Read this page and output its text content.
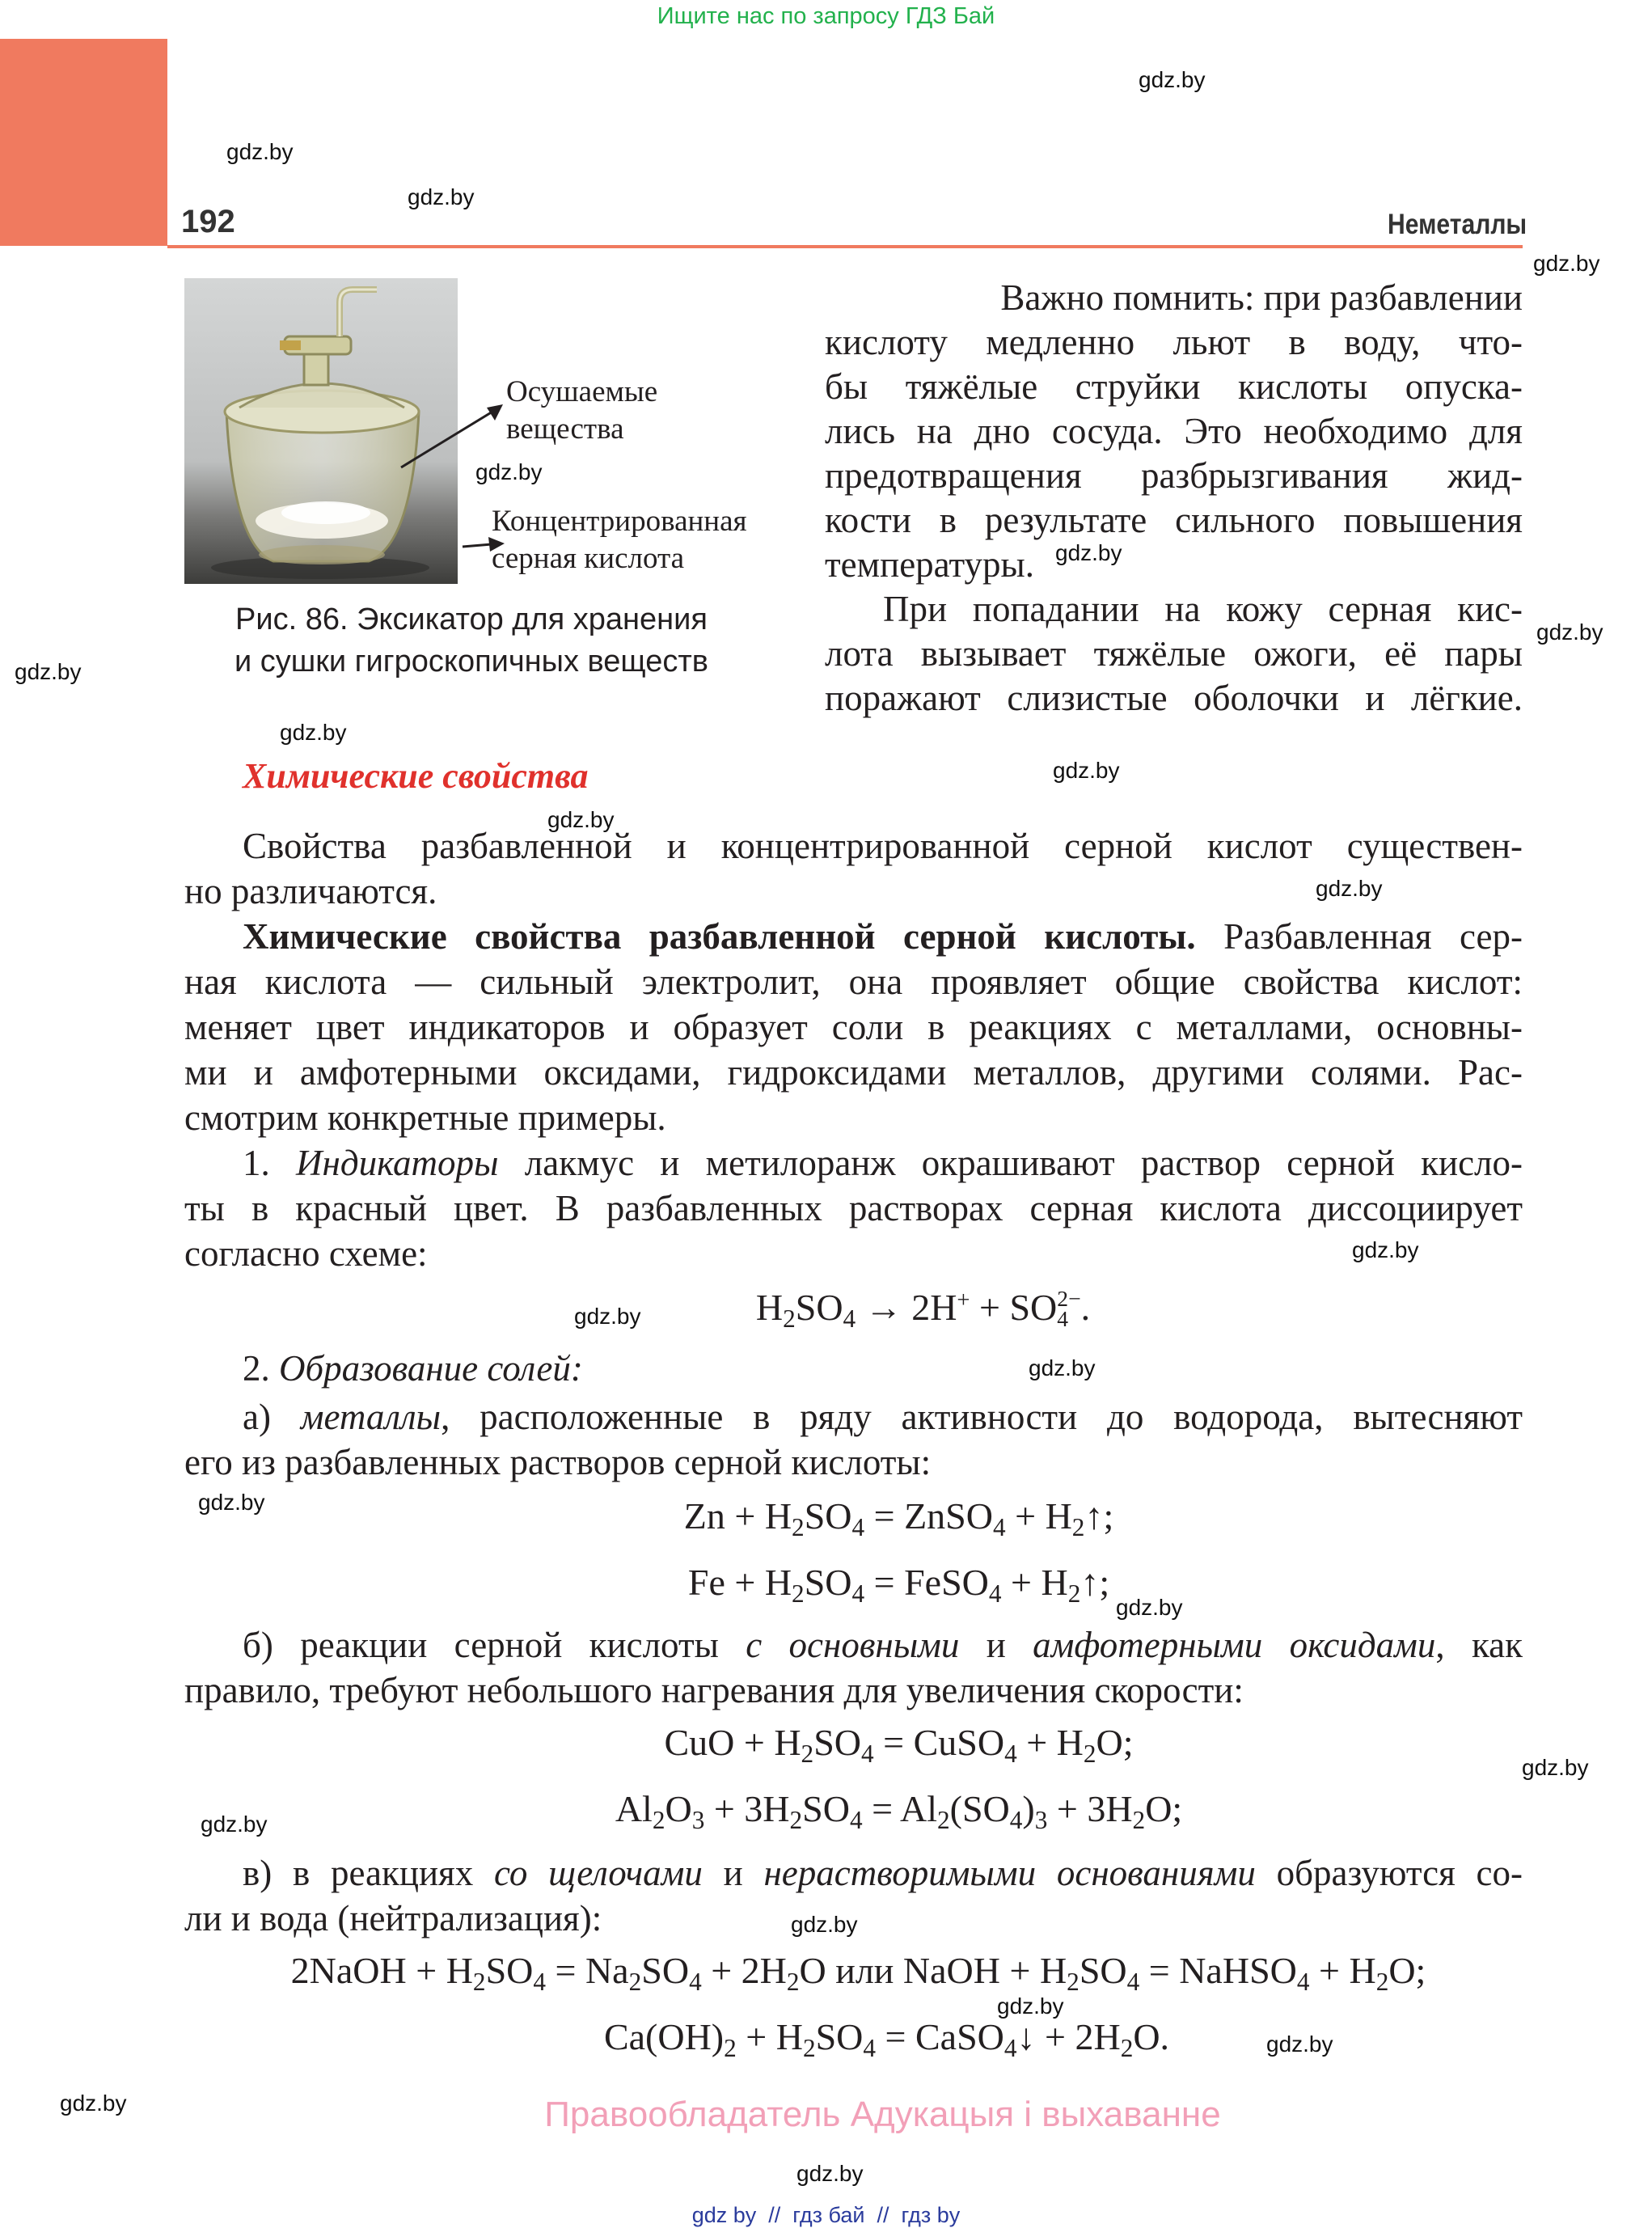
Ищите нас по запросу ГДЗ Бай
192	Неметаллы
Осушаемые
вещества
Концентрированная
серная кислота
Рис. 86. Эксикатор для хранения
и сушки гигроскопичных веществ
Важно помнить: при разбавлении
кислоту медленно льют в воду, что-
бы тяжёлые струйки кислоты опуска-
лись на дно сосуда. Это необходимо для
предотвращения разбрызгивания жид-
кости в результате сильного повышения
температуры.
При попадании на кожу серная кис-
лота вызывает тяжёлые ожоги, её пары
поражают слизистые оболочки и лёгкие.
Химические свойства
Свойства разбавленной и концентрированной серной кислот существен-
но различаются.
Химические свойства разбавленной серной кислоты. Разбавленная сер-
ная кислота — сильный электролит, она проявляет общие свойства кислот:
меняет цвет индикаторов и образует соли в реакциях с металлами, основны-
ми и амфотерными оксидами, гидроксидами металлов, другими солями. Рас-
смотрим конкретные примеры.
1. Индикаторы лакмус и метилоранж окрашивают раствор серной кисло-
ты в красный цвет. В разбавленных растворах серная кислота диссоциирует
согласно схеме:
$H_2SO_4 \to 2H^+$ + SO 2−
4 .
2. Образование солей:
а) металлы, расположенные в ряду активности до водорода, вытесняют
его из разбавленных растворов серной кислоты:
$Zn + H_2SO_4$ = ZnSO$_4$ + $H_2↑$;
$Fe + H_2SO_4$ = FeSO$_4$ + $H_2↑$;
б) реакции серной кислоты с основными и амфотерными оксидами, как
правило, требуют небольшого нагревания для увеличения скорости:
CuO + $H_2SO_4$ = CuSO$_4$ + $H_2O$;
$Al_2O_3 + 3H_2SO_4 = Al_2(SO_4)_3 + 3H_2O$;
в) в реакциях со щелочами и нерастворимыми основаниями образуются со-
ли и вода (нейтрализация):
2NaOH + $H_2SO_4 = Na_2SO_4 + 2H_2O$ или NaOH + $H_2SO_4$ = NaHSO$_4$ + $H_2O$;
$Ca(OH)_2 + H_2SO_4$ = CaSO$_4$↓ + $2H_2O$.
Правообладатель Адукацыя і выхаванне
gdz by  //  гдз бай  //  гдз by
gdz.by
gdz.by
gdz.by
gdz.by
gdz.by
gdz.by
gdz.by
gdz.by
gdz.by
gdz.by
gdz.by
gdz.by
gdz.by
gdz.by
gdz.by
gdz.by
gdz.by
gdz.by
gdz.by
gdz.by
gdz.by
gdz.by
gdz.by
gdz.by
